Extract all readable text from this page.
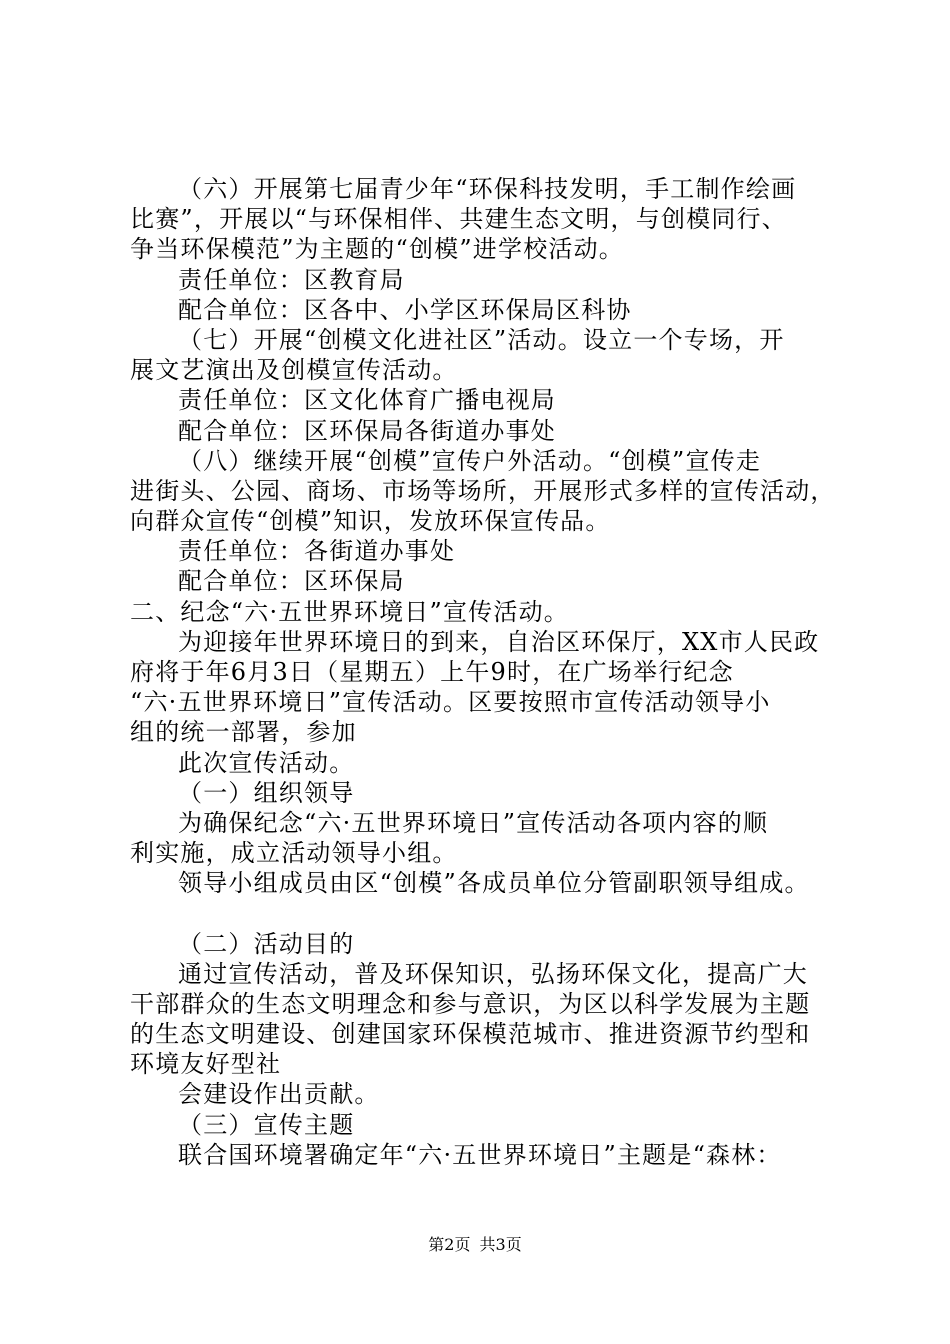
（六）开展第七届青少年“环保科技发明，手工制作绘画
比赛”，开展以“与环保相伴、共建生态文明，与创模同行、
争当环保模范”为主题的“创模”进学校活动。
责任单位：区教育局
配合单位：区各中、小学区环保局区科协
（七）开展“创模文化进社区”活动。设立一个专场，开
展文艺演出及创模宣传活动。
责任单位：区文化体育广播电视局
配合单位：区环保局各街道办事处
（八）继续开展“创模”宣传户外活动。“创模”宣传走
进街头、公园、商场、市场等场所，开展形式多样的宣传活动，
向群众宣传“创模”知识，发放环保宣传品。
责任单位：各街道办事处
配合单位：区环保局
二、纪念“六·五世界环境日”宣传活动。
为迎接年世界环境日的到来，自治区环保厅，XX市人民政
府将于年6月3日（星期五）上午9时，在广场举行纪念
“六·五世界环境日”宣传活动。区要按照市宣传活动领导小
组的统一部署，参加
此次宣传活动。
（一）组织领导
为确保纪念“六·五世界环境日”宣传活动各项内容的顺
利实施，成立活动领导小组。
领导小组成员由区“创模”各成员单位分管副职领导组成。
（二）活动目的
通过宣传活动，普及环保知识，弘扬环保文化，提高广大
干部群众的生态文明理念和参与意识，为区以科学发展为主题
的生态文明建设、创建国家环保模范城市、推进资源节约型和
环境友好型社
会建设作出贡献。
（三）宣传主题
联合国环境署确定年“六·五世界环境日”主题是“森林：
第2页 共3页
